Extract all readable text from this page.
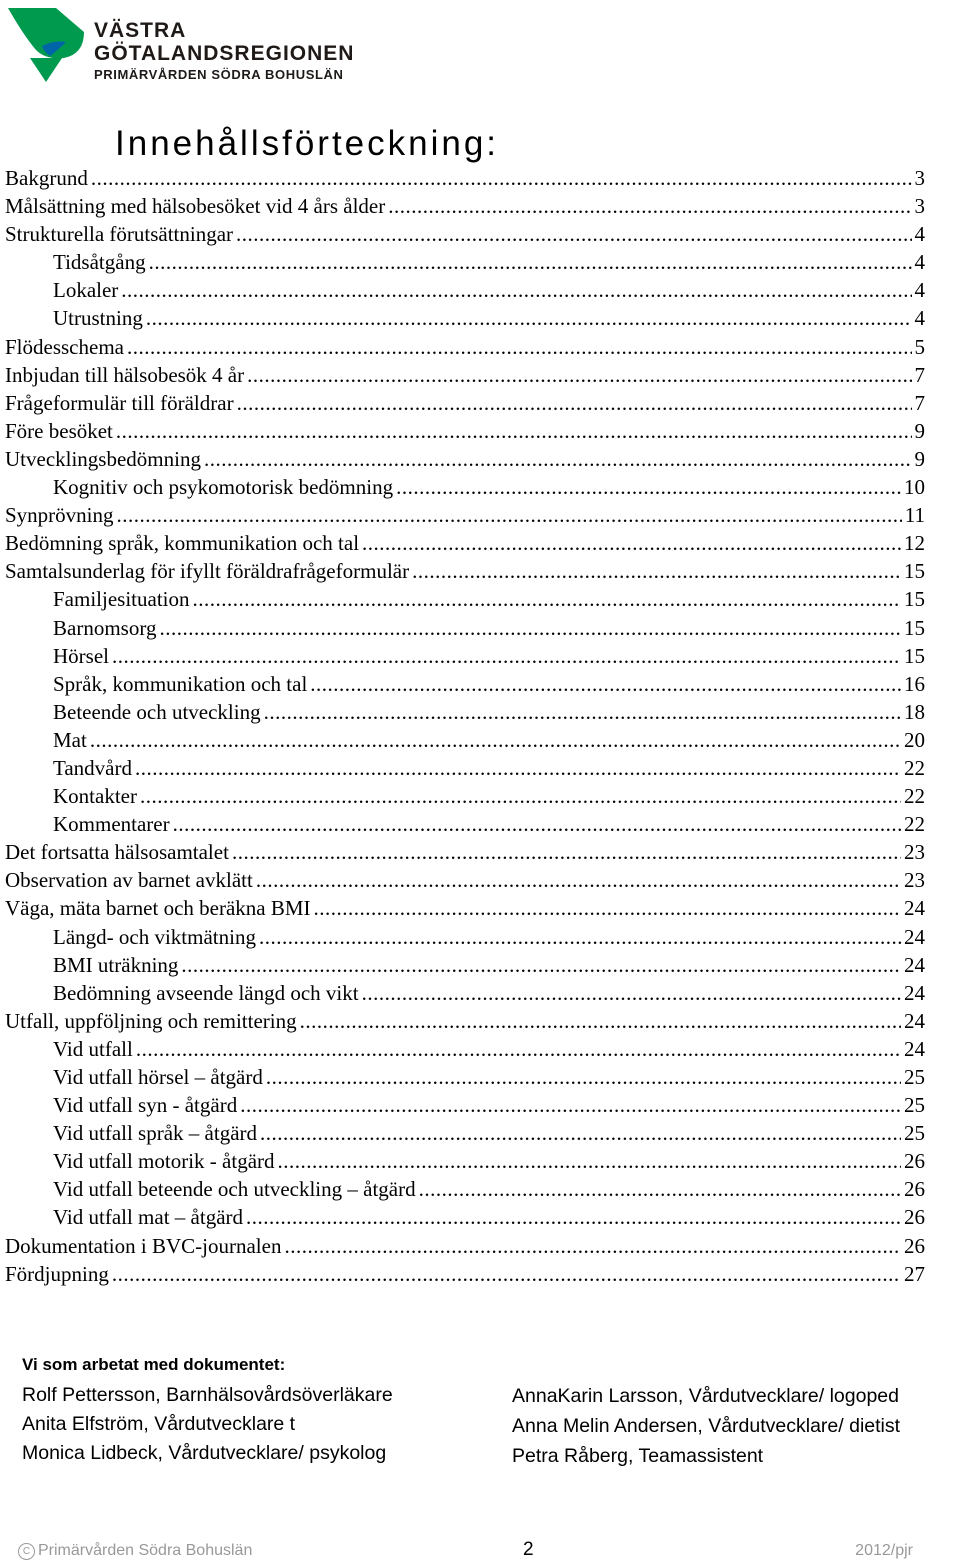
VÄSTRA
GÖTALANDSREGIONEN
PRIMÄRVÅRDEN SÖDRA BOHUSLÄN
Innehållsförteckning:
Bakgrund .....	3
Målsättning med hälsobesöket vid 4 års ålder .....	3
Strukturella förutsättningar .....	4
Tidsåtgång .....	4
Lokaler .....	4
Utrustning .....	4
Flödesschema .....	5
Inbjudan till hälsobesök 4 år .....	7
Frågeformulär till föräldrar .....	7
Före besöket .....	9
Utvecklingsbedömning .....	9
Kognitiv och psykomotorisk bedömning .....	10
Synprövning .....	11
Bedömning språk, kommunikation och tal .....	12
Samtalsunderlag för ifyllt föräldrafrågeformulär .....	15
Familjesituation .....	15
Barnomsorg .....	15
Hörsel .....	15
Språk, kommunikation och tal .....	16
Beteende och utveckling .....	18
Mat .....	20
Tandvård .....	22
Kontakter .....	22
Kommentarer .....	22
Det fortsatta hälsosamtalet .....	23
Observation av barnet avklätt .....	23
Väga, mäta barnet och beräkna BMI .....	24
Längd- och viktmätning .....	24
BMI uträkning .....	24
Bedömning avseende längd och vikt .....	24
Utfall, uppföljning och remittering .....	24
Vid utfall .....	24
Vid utfall hörsel – åtgärd .....	25
Vid utfall syn - åtgärd .....	25
Vid utfall språk – åtgärd .....	25
Vid utfall motorik - åtgärd .....	26
Vid utfall beteende och utveckling – åtgärd .....	26
Vid utfall mat – åtgärd .....	26
Dokumentation i BVC-journalen .....	26
Fördjupning .....	27
Vi som arbetat med dokumentet:
Rolf Pettersson, Barnhälsovårdsöverläkare
Anita Elfström, Vårdutvecklare t
Monica Lidbeck, Vårdutvecklare/ psykolog
AnnaKarin Larsson, Vårdutvecklare/ logoped
Anna Melin Andersen, Vårdutvecklare/ dietist
Petra Råberg, Teamassistent
C Primärvården Södra Bohuslän	2	2012/pjr
